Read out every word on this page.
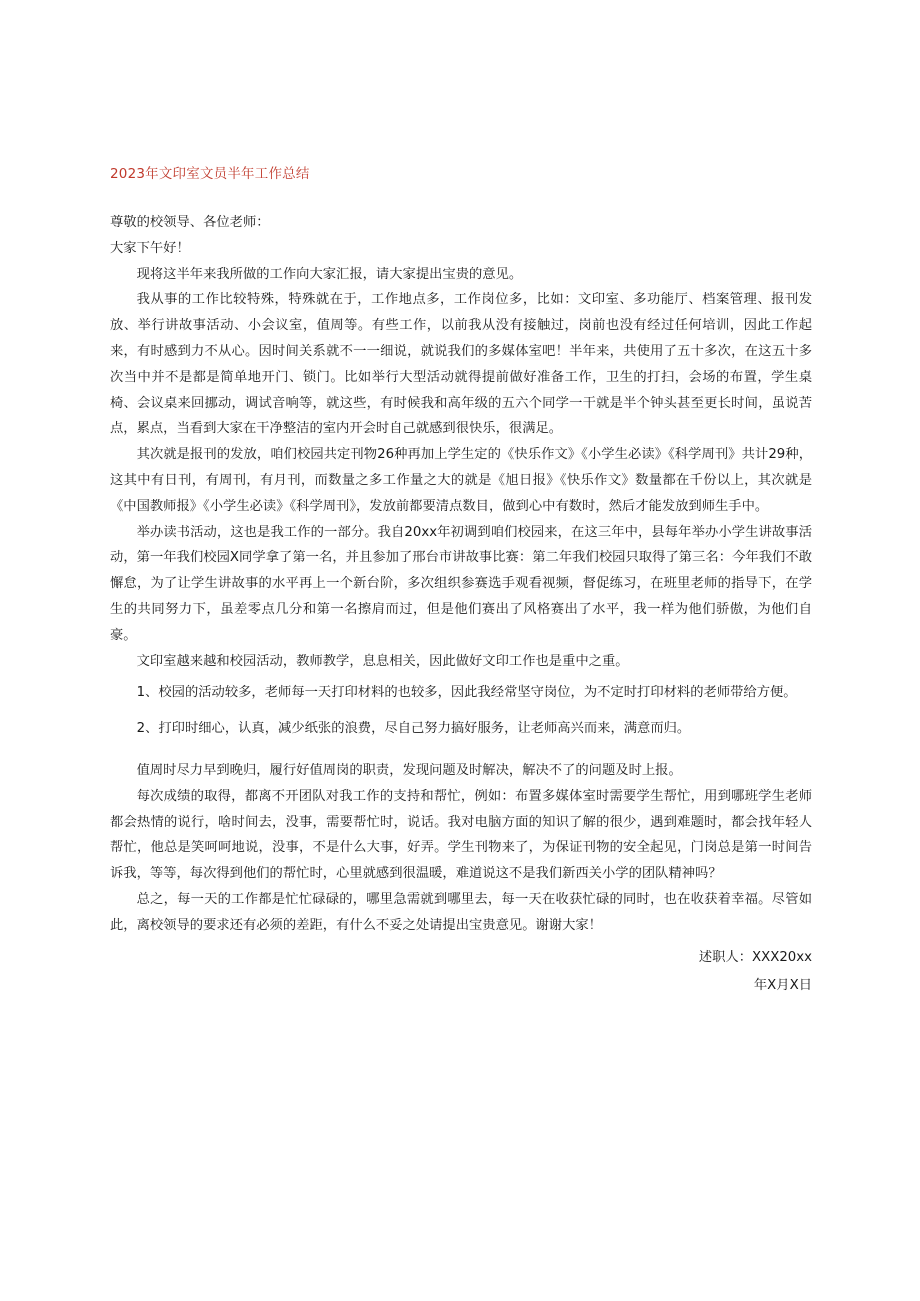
2023年文印室文员半年工作总结

尊敬的校领导、各位老师：

大家下午好！

现将这半年来我所做的工作向大家汇报，请大家提出宝贵的意见。

我从事的工作比较特殊，特殊就在于，工作地点多，工作岗位多，比如：文印室、多功能厅、档案管理、报刊发放、举行讲故事活动、小会议室，值周等。有些工作，以前我从没有接触过，岗前也没有经过任何培训，因此工作起来，有时感到力不从心。因时间关系就不一一细说，就说我们的多媒体室吧！半年来，共使用了五十多次，在这五十多次当中并不是都是简单地开门、锁门。比如举行大型活动就得提前做好准备工作，卫生的打扫，会场的布置，学生桌椅、会议桌来回挪动，调试音响等，就这些，有时候我和高年级的五六个同学一干就是半个钟头甚至更长时间，虽说苦点，累点，当看到大家在干净整洁的室内开会时自己就感到很快乐，很满足。

其次就是报刊的发放，咱们校园共定刊物26种再加上学生定的《快乐作文》《小学生必读》《科学周刊》共计29种，这其中有日刊，有周刊，有月刊，而数量之多工作量之大的就是《旭日报》《快乐作文》数量都在千份以上，其次就是《中国教师报》《小学生必读》《科学周刊》，发放前都要清点数目，做到心中有数时，然后才能发放到师生手中。

举办读书活动，这也是我工作的一部分。我自20xx年初调到咱们校园来，在这三年中，县每年举办小学生讲故事活动，第一年我们校园X同学拿了第一名，并且参加了邢台市讲故事比赛：第二年我们校园只取得了第三名：今年我们不敢懈怠，为了让学生讲故事的水平再上一个新台阶，多次组织参赛选手观看视频，督促练习，在班里老师的指导下，在学生的共同努力下，虽差零点几分和第一名擦肩而过，但是他们赛出了风格赛出了水平，我一样为他们骄傲，为他们自豪。

文印室越来越和校园活动，教师教学，息息相关，因此做好文印工作也是重中之重。

1、校园的活动较多，老师每一天打印材料的也较多，因此我经常坚守岗位，为不定时打印材料的老师带给方便。

2、打印时细心，认真，减少纸张的浪费，尽自己努力搞好服务，让老师高兴而来，满意而归。

值周时尽力早到晚归，履行好值周岗的职责，发现问题及时解决，解决不了的问题及时上报。

每次成绩的取得，都离不开团队对我工作的支持和帮忙，例如：布置多媒体室时需要学生帮忙，用到哪班学生老师都会热情的说行，啥时间去，没事，需要帮忙时，说话。我对电脑方面的知识了解的很少，遇到难题时，都会找年轻人帮忙，他总是笑呵呵地说，没事，不是什么大事，好弄。学生刊物来了，为保证刊物的安全起见，门岗总是第一时间告诉我，等等，每次得到他们的帮忙时，心里就感到很温暖，难道说这不是我们新西关小学的团队精神吗？

总之，每一天的工作都是忙忙碌碌的，哪里急需就到哪里去，每一天在收获忙碌的同时，也在收获着幸福。尽管如此，离校领导的要求还有必须的差距，有什么不妥之处请提出宝贵意见。谢谢大家！

述职人：XXX20xx

年X月X日
